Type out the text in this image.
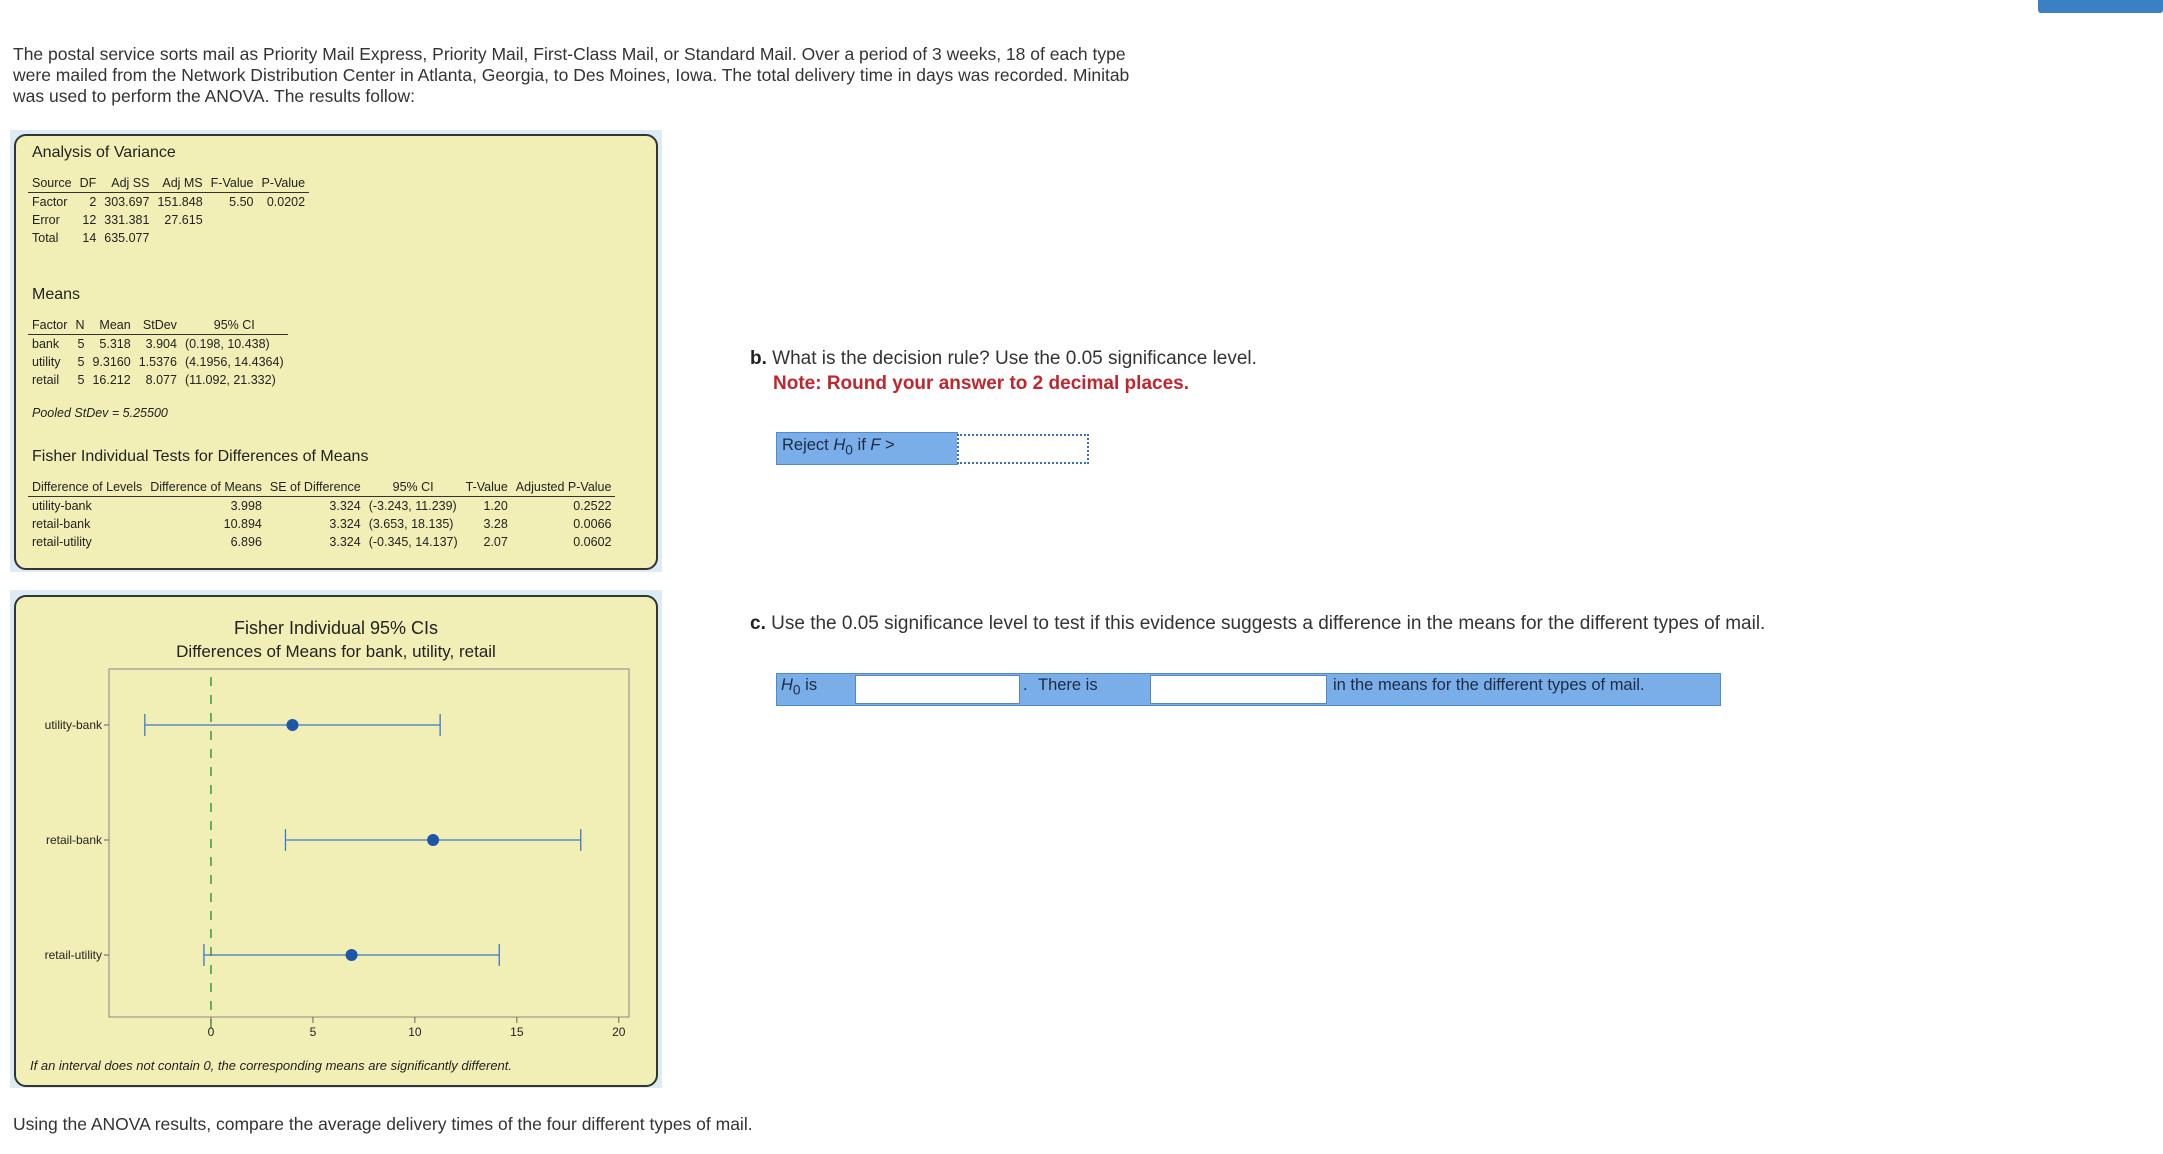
The postal service sorts mail as Priority Mail Express, Priority Mail, First-Class Mail, or Standard Mail. Over a period of 3 weeks, 18 of each type were mailed from the Network Distribution Center in Atlanta, Georgia, to Des Moines, Iowa. The total delivery time in days was recorded. Minitab was used to perform the ANOVA. The results follow:
Analysis of Variance
Source	DF	Adj SS	Adj MS	F-Value	P-Value
Factor	2	303.697	151.848	5.50	0.0202
Error	12	331.381	27.615		
Total	14	635.077			
Means
Factor	N	Mean	StDev	95% CI
bank	5	5.318	3.904	(0.198, 10.438)
utility	5	9.3160	1.5376	(4.1956, 14.4364)
retail	5	16.212	8.077	(11.092, 21.332)
Pooled StDev = 5.25500
Fisher Individual Tests for Differences of Means
Difference of Levels	Difference of Means	SE of Difference	95% CI	T-Value	Adjusted P-Value
utility-bank	3.998	3.324	(-3.243, 11.239)	1.20	0.2522
retail-bank	10.894	3.324	(3.653, 18.135)	3.28	0.0066
retail-utility	6.896	3.324	(-0.345, 14.137)	2.07	0.0602
Fisher Individual 95% CIs
Differences of Means for bank, utility, retail
0	5	10	15	20
utility-bank
retail-bank
retail-utility
If an interval does not contain 0, the corresponding means are significantly different.
b. What is the decision rule? Use the 0.05 significance level.
Note: Round your answer to 2 decimal places.
Reject $H_0$ if F >
c. Use the 0.05 significance level to test if this evidence suggests a difference in the means for the different types of mail.
$H_0$ is	. There is	in the means for the different types of mail.
Using the ANOVA results, compare the average delivery times of the four different types of mail.
